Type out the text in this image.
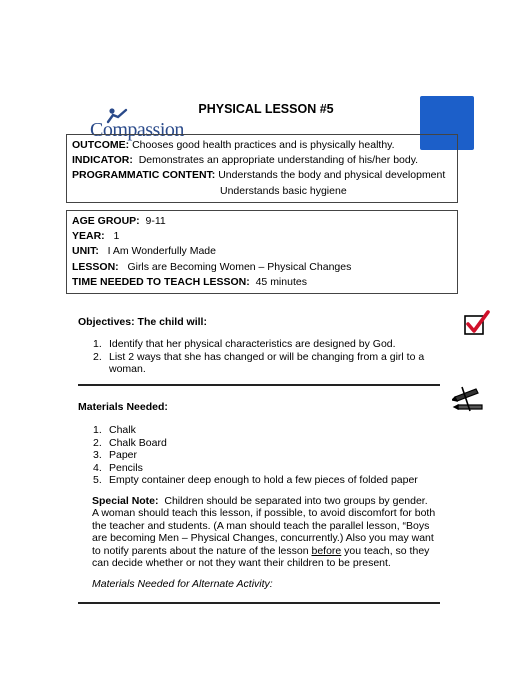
Compassion
PHYSICAL LESSON #5
OUTCOME: Chooses good health practices and is physically healthy.
INDICATOR: Demonstrates an appropriate understanding of his/her body.
PROGRAMMATIC CONTENT: Understands the body and physical development
Understands basic hygiene
AGE GROUP: 9-11
YEAR: 1
UNIT: I Am Wonderfully Made
LESSON: Girls are Becoming Women – Physical Changes
TIME NEEDED TO TEACH LESSON: 45 minutes
Objectives: The child will:
1. Identify that her physical characteristics are designed by God.
2. List 2 ways that she has changed or will be changing from a girl to a
woman.
Materials Needed:
1. Chalk
2. Chalk Board
3. Paper
4. Pencils
5. Empty container deep enough to hold a few pieces of folded paper
Special Note: Children should be separated into two groups by gender.
A woman should teach this lesson, if possible, to avoid discomfort for both
the teacher and students. (A man should teach the parallel lesson, “Boys
are becoming Men – Physical Changes, concurrently.) Also you may want
to notify parents about the nature of the lesson before you teach, so they
can decide whether or not they want their children to be present.
Materials Needed for Alternate Activity:
